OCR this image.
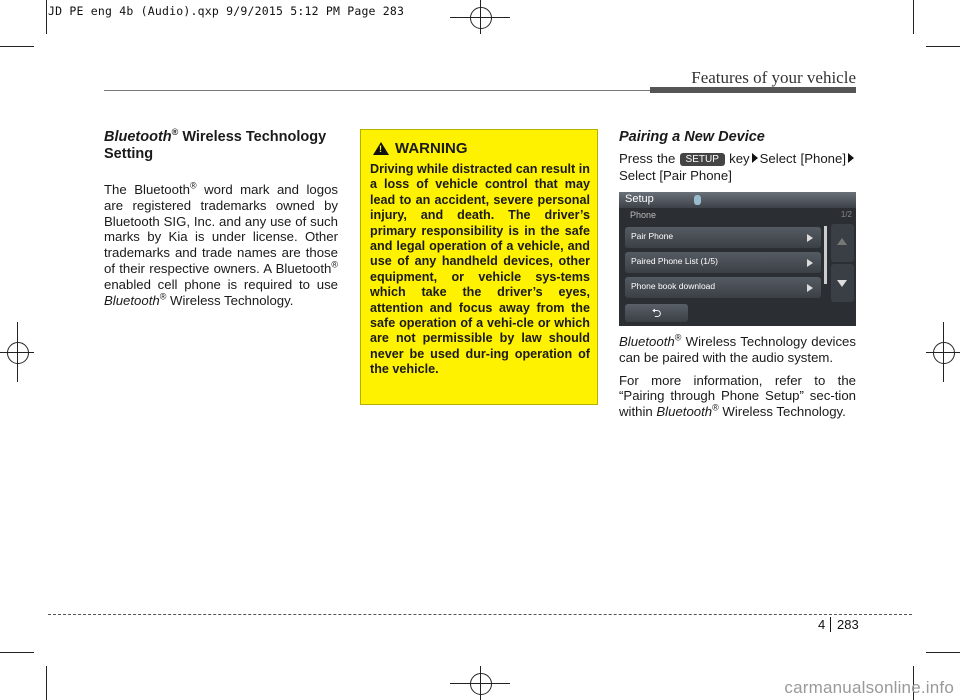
JD PE eng 4b (Audio).qxp 9/9/2015 5:12 PM Page 283
Features of your vehicle

Bluetooth® Wireless Technology Setting

The Bluetooth® word mark and logos are registered trademarks owned by Bluetooth SIG, Inc. and any use of such marks by Kia is under license. Other trademarks and trade names are those of their respective owners. A Bluetooth® enabled cell phone is required to use Bluetooth® Wireless Technology.

!
WARNING
Driving while distracted can result in a loss of vehicle control that may lead to an accident, severe personal injury, and death. The driver’s primary responsibility is in the safe and legal operation of a vehicle, and use of any handheld devices, other equipment, or vehicle sys-tems which take the driver’s eyes, attention and focus away from the safe operation of a vehi-cle or which are not permissible by law should never be used dur-ing operation of the vehicle.

Pairing a New Device

Press the SETUP key Select [Phone]Select [Pair Phone]

Setup
Phone	1/2
Pair Phone
Paired Phone List (1/5)
Phone book download
⮌

Bluetooth® Wireless Technology devices can be paired with the audio system.

For more information, refer to the “Pairing through Phone Setup” sec-tion within Bluetooth® Wireless Technology.

4 283
carmanualsonline.info
